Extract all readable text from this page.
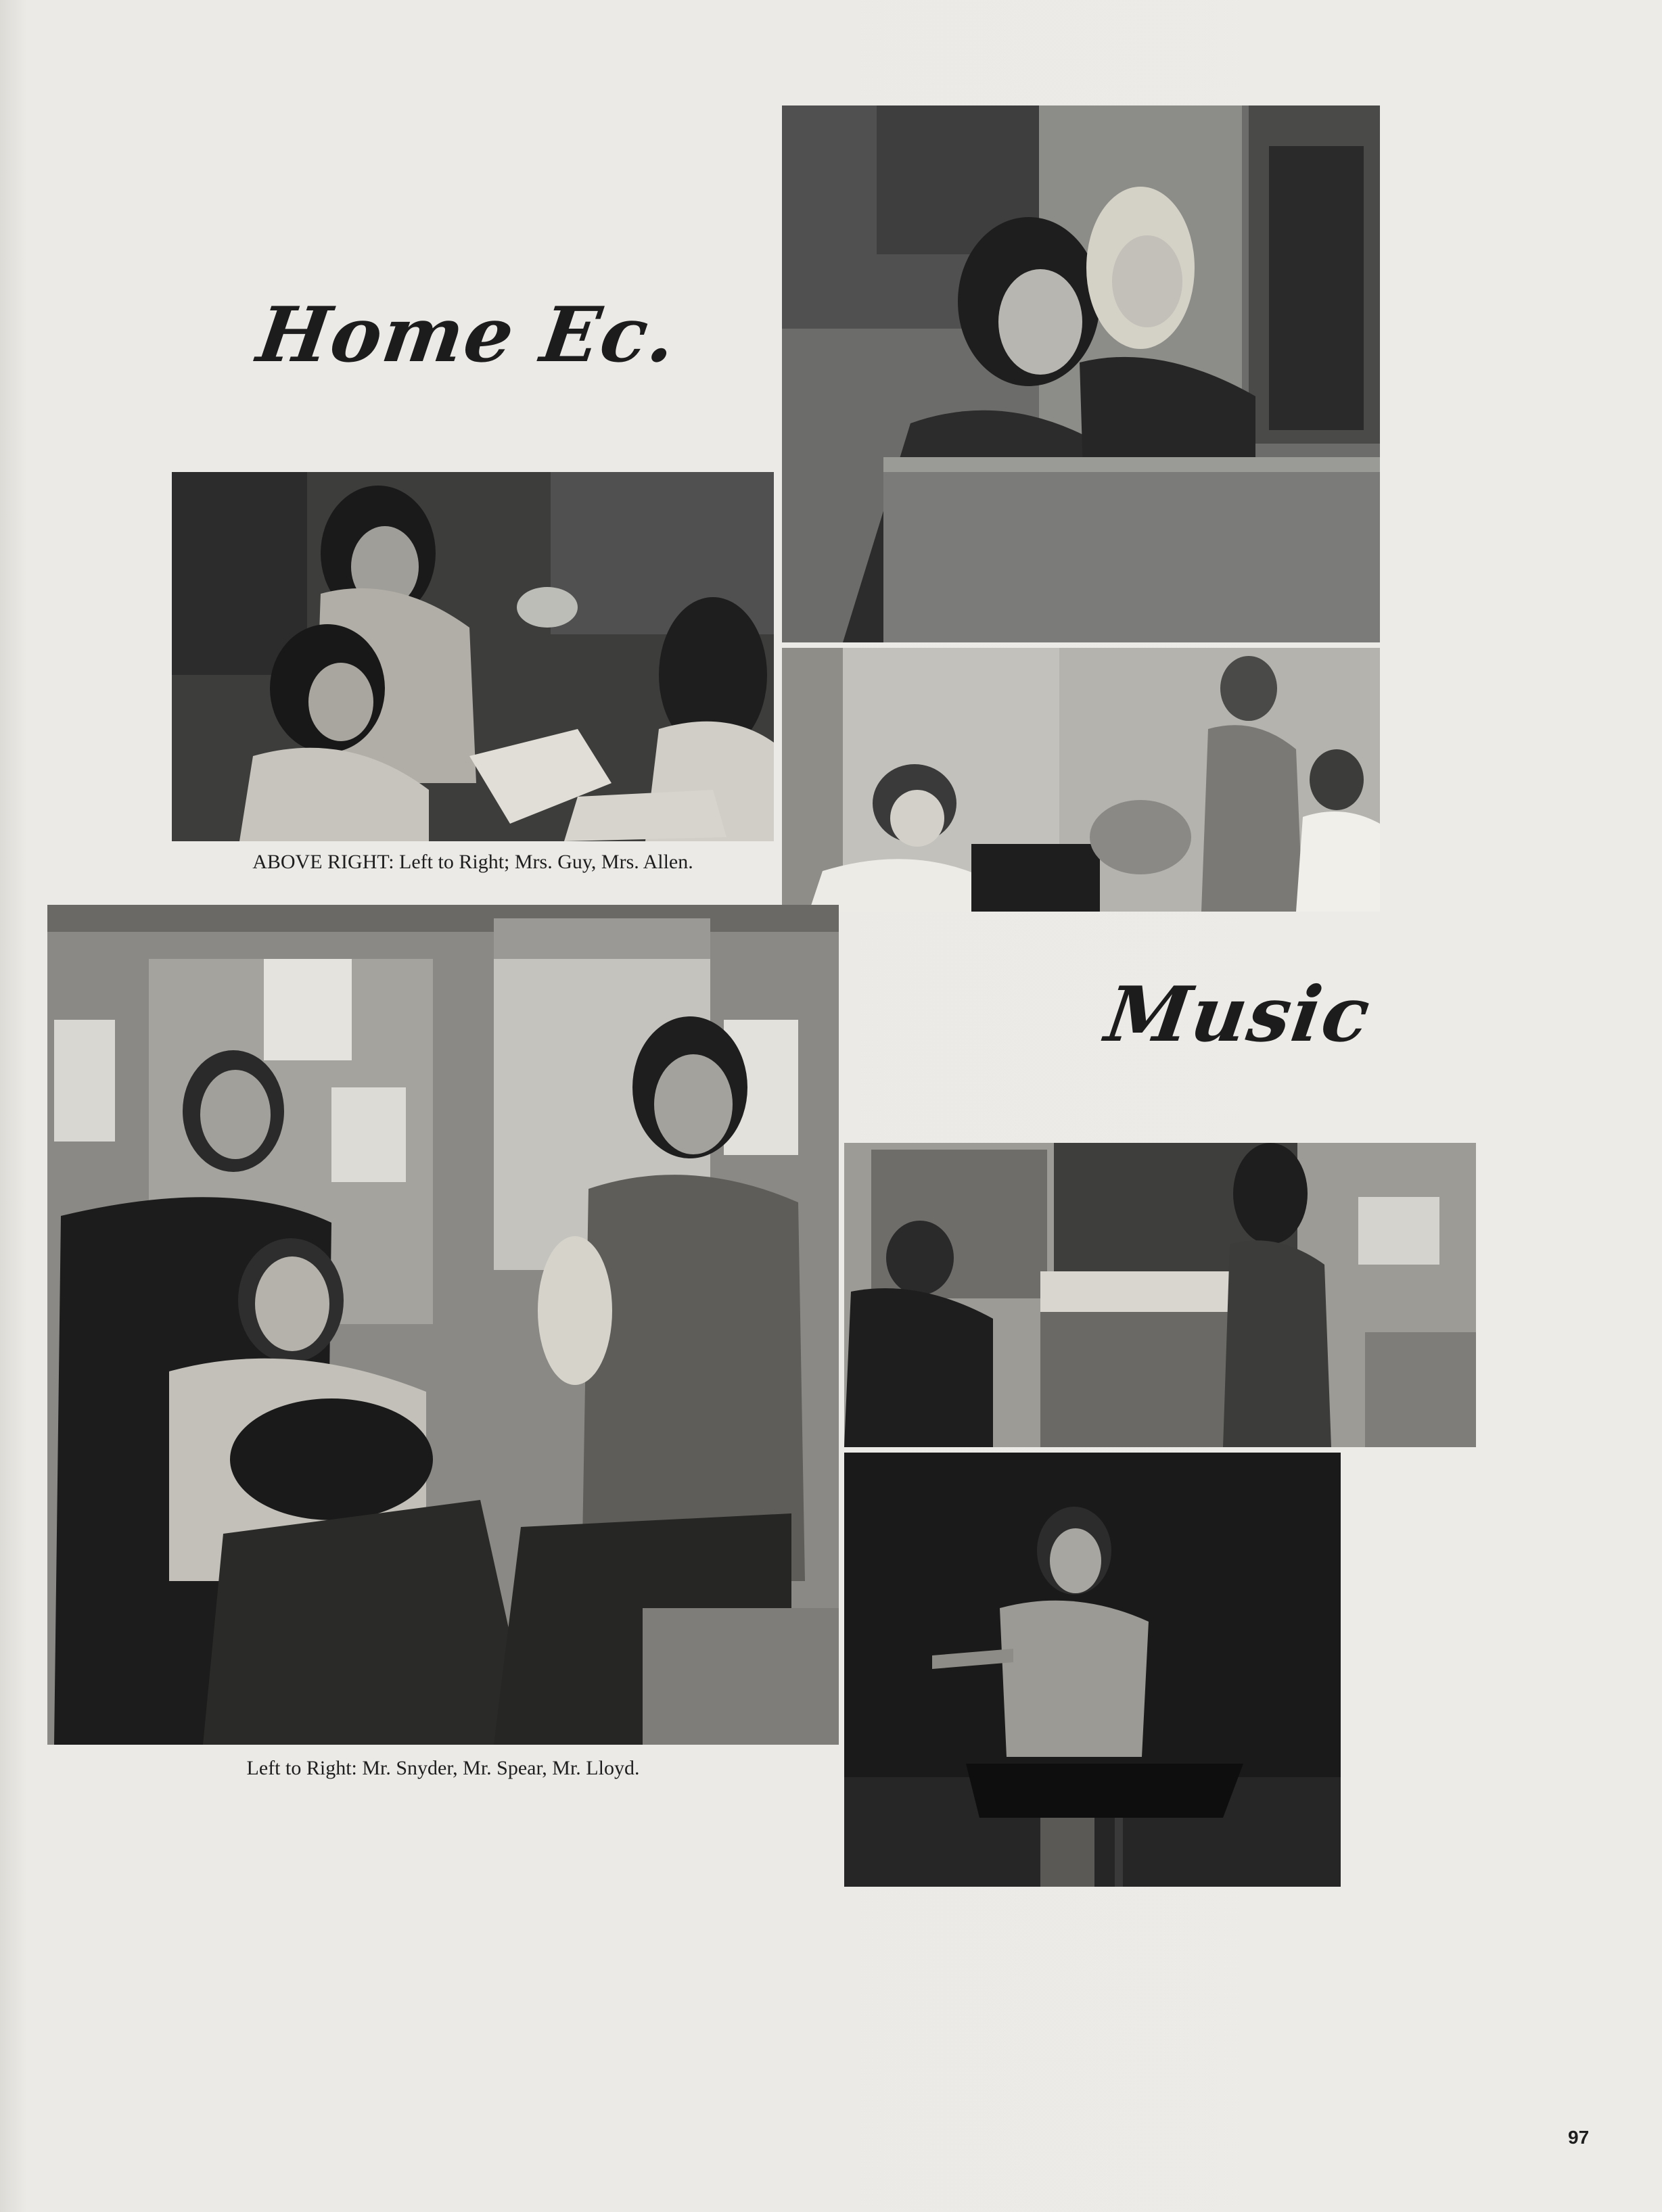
Home Ec.

ABOVE RIGHT: Left to Right; Mrs. Guy, Mrs. Allen.

Left to Right: Mr. Snyder, Mr. Spear, Mr. Lloyd.

Music

97
